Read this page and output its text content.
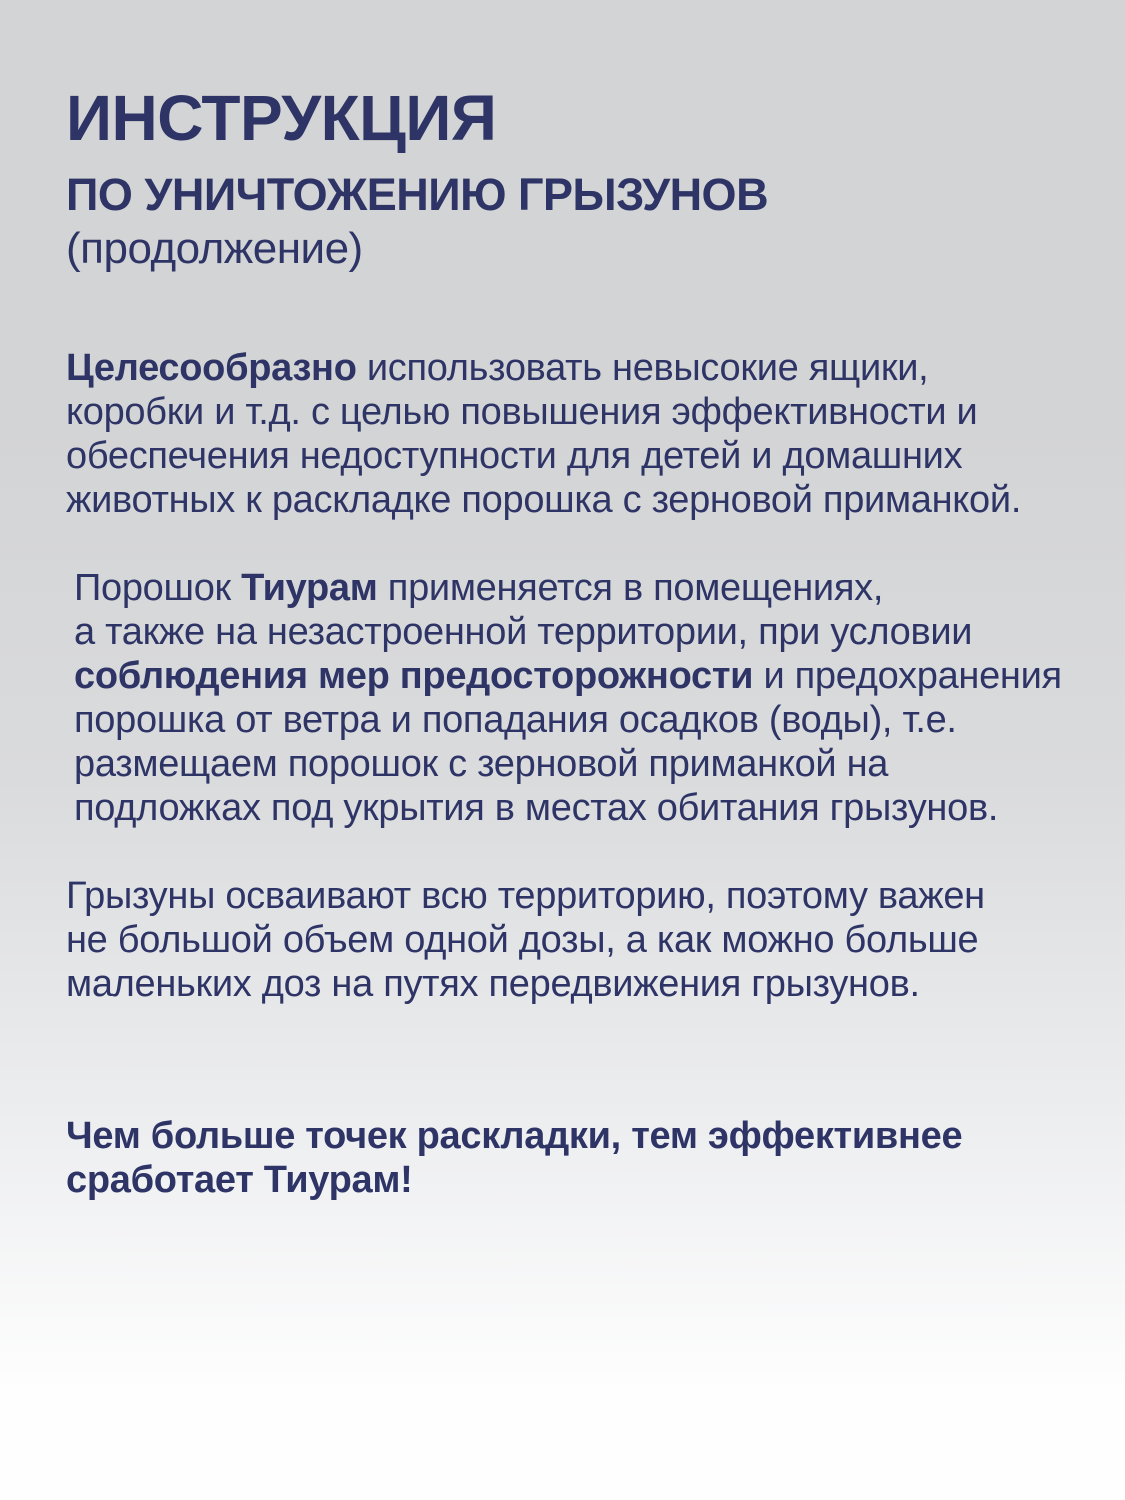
ИНСТРУКЦИЯ
ПО УНИЧТОЖЕНИЮ ГРЫЗУНОВ
(продолжение)

Целесообразно использовать невысокие ящики,
коробки и т.д. с целью повышения эффективности и
обеспечения недоступности для детей и домашних
животных к раскладке порошка с зерновой приманкой.

Порошок Тиурам применяется в помещениях,
а также на незастроенной территории, при условии
соблюдения мер предосторожности и предохранения
порошка от ветра и попадания осадков (воды), т.е.
размещаем порошок с зерновой приманкой на
подложках под укрытия в местах обитания грызунов.

Грызуны осваивают всю территорию, поэтому важен
не большой объем одной дозы, а как можно больше
маленьких доз на путях передвижения грызунов.

Чем больше точек раскладки, тем эффективнее
сработает Тиурам!
